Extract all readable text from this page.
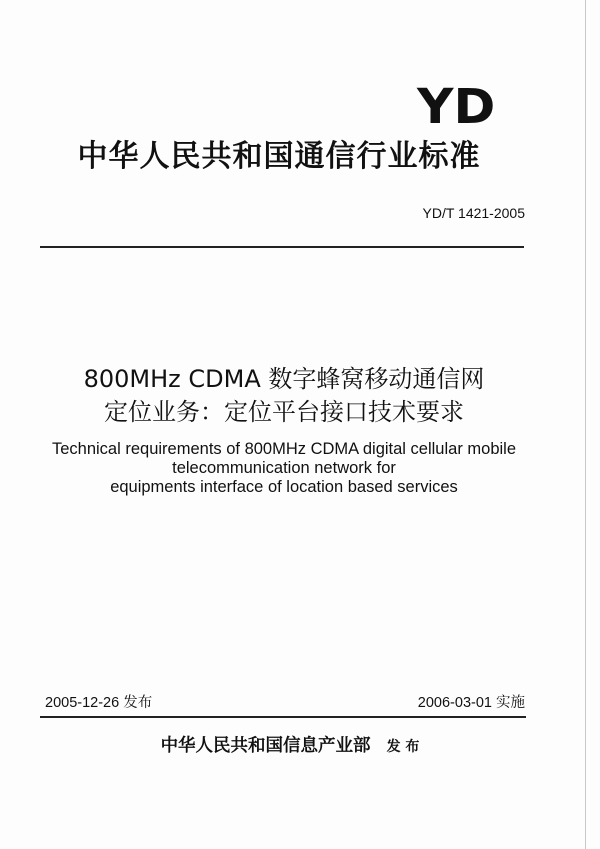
YD
中华人民共和国通信行业标准
YD/T 1421-2005
800MHz CDMA 数字蜂窝移动通信网
定位业务：定位平台接口技术要求
Technical requirements of 800MHz CDMA digital cellular mobile
telecommunication network for
equipments interface of location based services
2005-12-26 发布	2006-03-01 实施
中华人民共和国信息产业部 发 布
